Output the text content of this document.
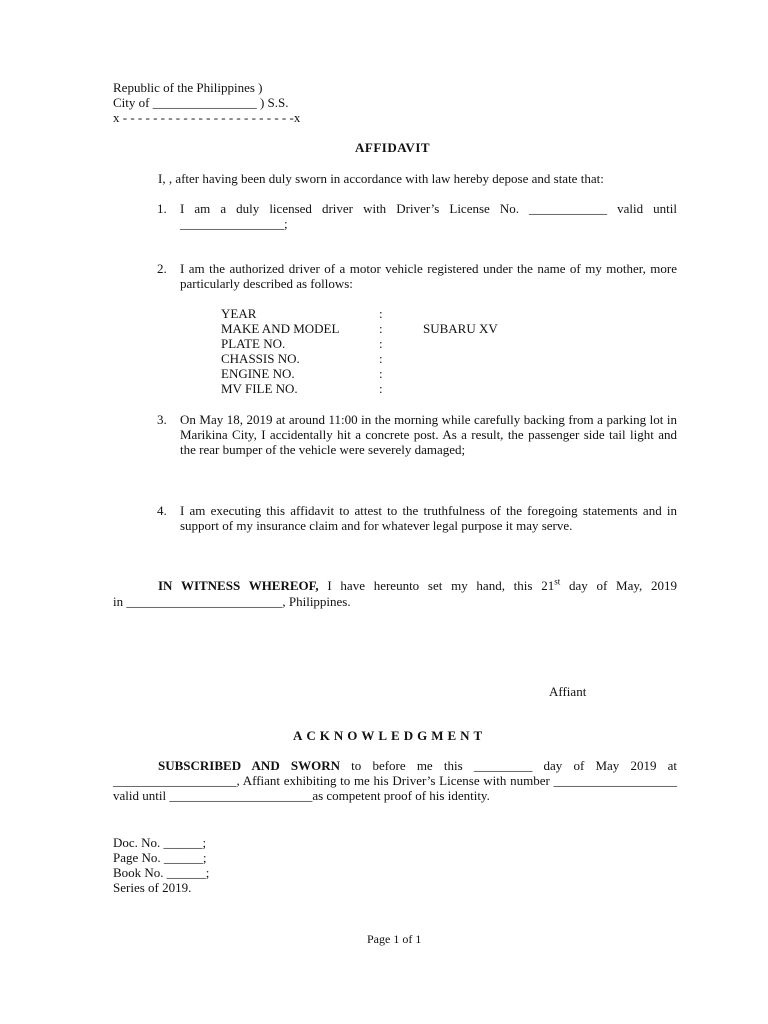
Republic of the Philippines )
City of ________________ ) S.S.
x - - - - - - - - - - - - - - - - - - - - - - -x
AFFIDAVIT
I, , after having been duly sworn in accordance with law hereby depose and state that:
1. I am a duly licensed driver with Driver’s License No. ____________ valid until ________________;
2. I am the authorized driver of a motor vehicle registered under the name of my mother, more particularly described as follows:
YEAR	:
MAKE AND MODEL	:	SUBARU XV
PLATE NO.	:
CHASSIS NO.	:
ENGINE NO.	:
MV FILE NO.	:
3. On May 18, 2019 at around 11:00 in the morning while carefully backing from a parking lot in Marikina City, I accidentally hit a concrete post. As a result, the passenger side tail light and the rear bumper of the vehicle were severely damaged;
4. I am executing this affidavit to attest to the truthfulness of the foregoing statements and in support of my insurance claim and for whatever legal purpose it may serve.
IN WITNESS WHEREOF, I have hereunto set my hand, this 21st day of May, 2019
in ________________________, Philippines.
Affiant
ACKNOWLEDGMENT
SUBSCRIBED AND SWORN to before me this _________ day of May 2019 at ___________________, Affiant exhibiting to me his Driver’s License with number ___________________ valid until ______________________as competent proof of his identity.
Doc. No. ______;
Page No. ______;
Book No. ______;
Series of 2019.
Page 1 of 1
